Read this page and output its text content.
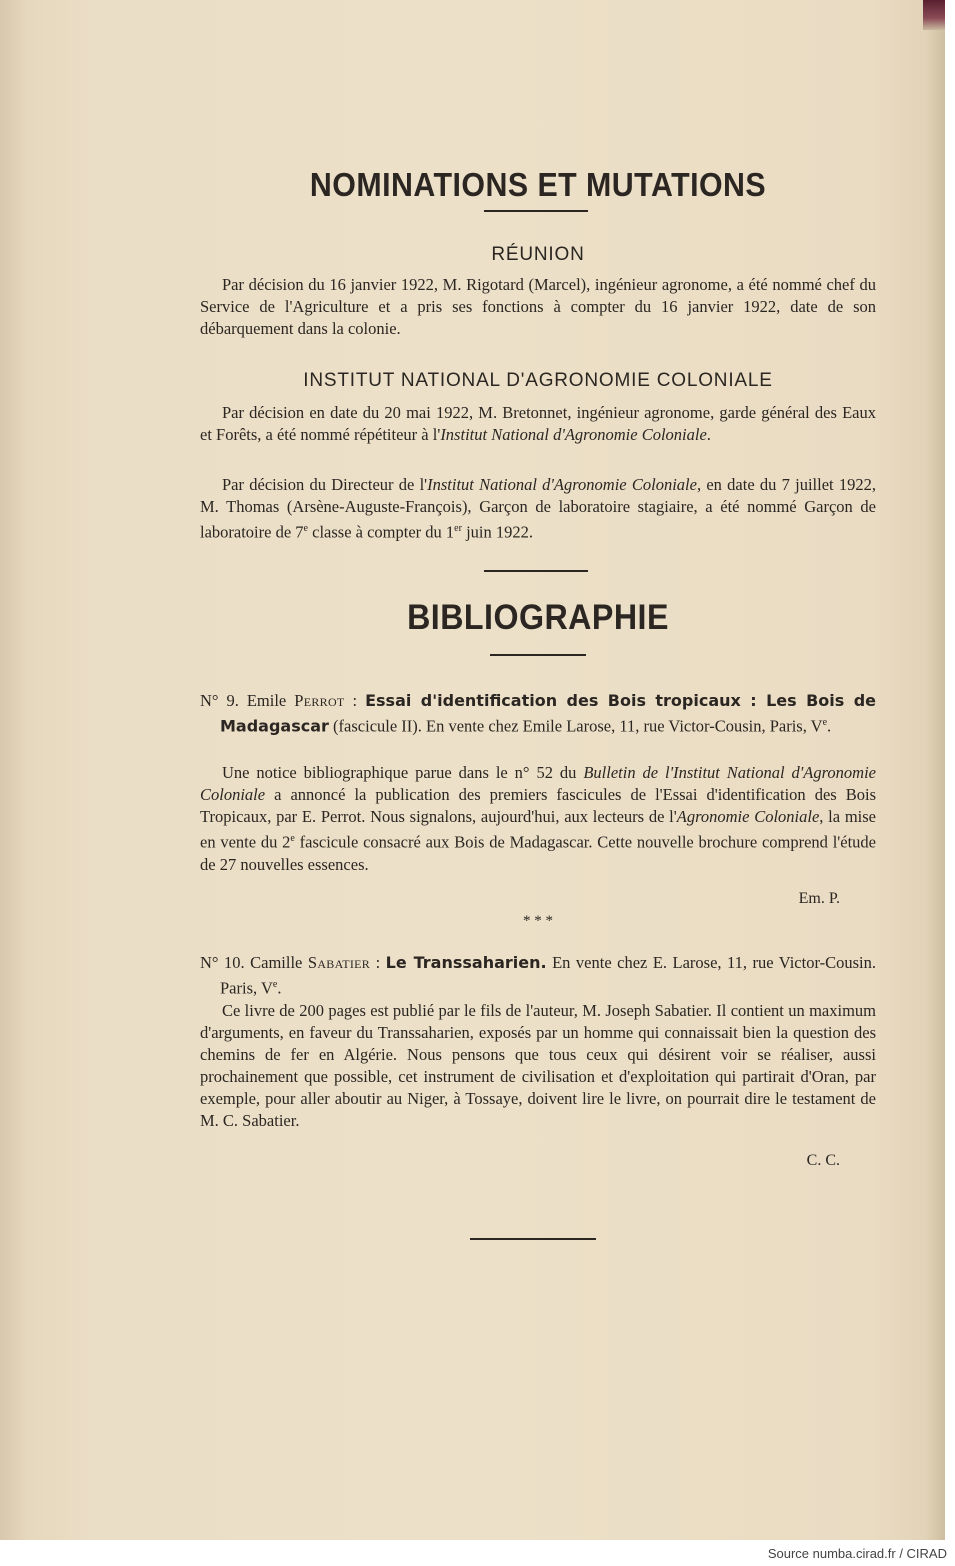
NOMINATIONS ET MUTATIONS
RÉUNION
Par décision du 16 janvier 1922, M. Rigotard (Marcel), ingénieur agronome, a été nommé chef du Service de l'Agriculture et a pris ses fonctions à compter du 16 janvier 1922, date de son débarquement dans la colonie.
INSTITUT NATIONAL D'AGRONOMIE COLONIALE
Par décision en date du 20 mai 1922, M. Bretonnet, ingénieur agronome, garde général des Eaux et Forêts, a été nommé répétiteur à l'Institut National d'Agronomie Coloniale.
Par décision du Directeur de l'Institut National d'Agronomie Coloniale, en date du 7 juillet 1922, M. Thomas (Arsène-Auguste-François), Garçon de laboratoire stagiaire, a été nommé Garçon de laboratoire de 7e classe à compter du 1er juin 1922.
BIBLIOGRAPHIE
N° 9. Emile Perrot : Essai d'identification des Bois tropicaux : Les Bois de Madagascar (fascicule II). En vente chez Emile Larose, 11, rue Victor-Cousin, Paris, Ve.
Une notice bibliographique parue dans le n° 52 du Bulletin de l'Institut National d'Agronomie Coloniale a annoncé la publication des premiers fascicules de l'Essai d'identification des Bois Tropicaux, par E. Perrot. Nous signalons, aujourd'hui, aux lecteurs de l'Agronomie Coloniale, la mise en vente du 2e fascicule consacré aux Bois de Madagascar. Cette nouvelle brochure comprend l'étude de 27 nouvelles essences.
Em. P.
* * *
N° 10. Camille Sabatier : Le Transsaharien. En vente chez E. Larose, 11, rue Victor-Cousin. Paris, Ve.
Ce livre de 200 pages est publié par le fils de l'auteur, M. Joseph Sabatier. Il contient un maximum d'arguments, en faveur du Transsaharien, exposés par un homme qui connaissait bien la question des chemins de fer en Algérie. Nous pensons que tous ceux qui désirent voir se réaliser, aussi prochainement que possible, cet instrument de civilisation et d'exploitation qui partirait d'Oran, par exemple, pour aller aboutir au Niger, à Tossaye, doivent lire le livre, on pourrait dire le testament de M. C. Sabatier.
C. C.
Source numba.cirad.fr / CIRAD
